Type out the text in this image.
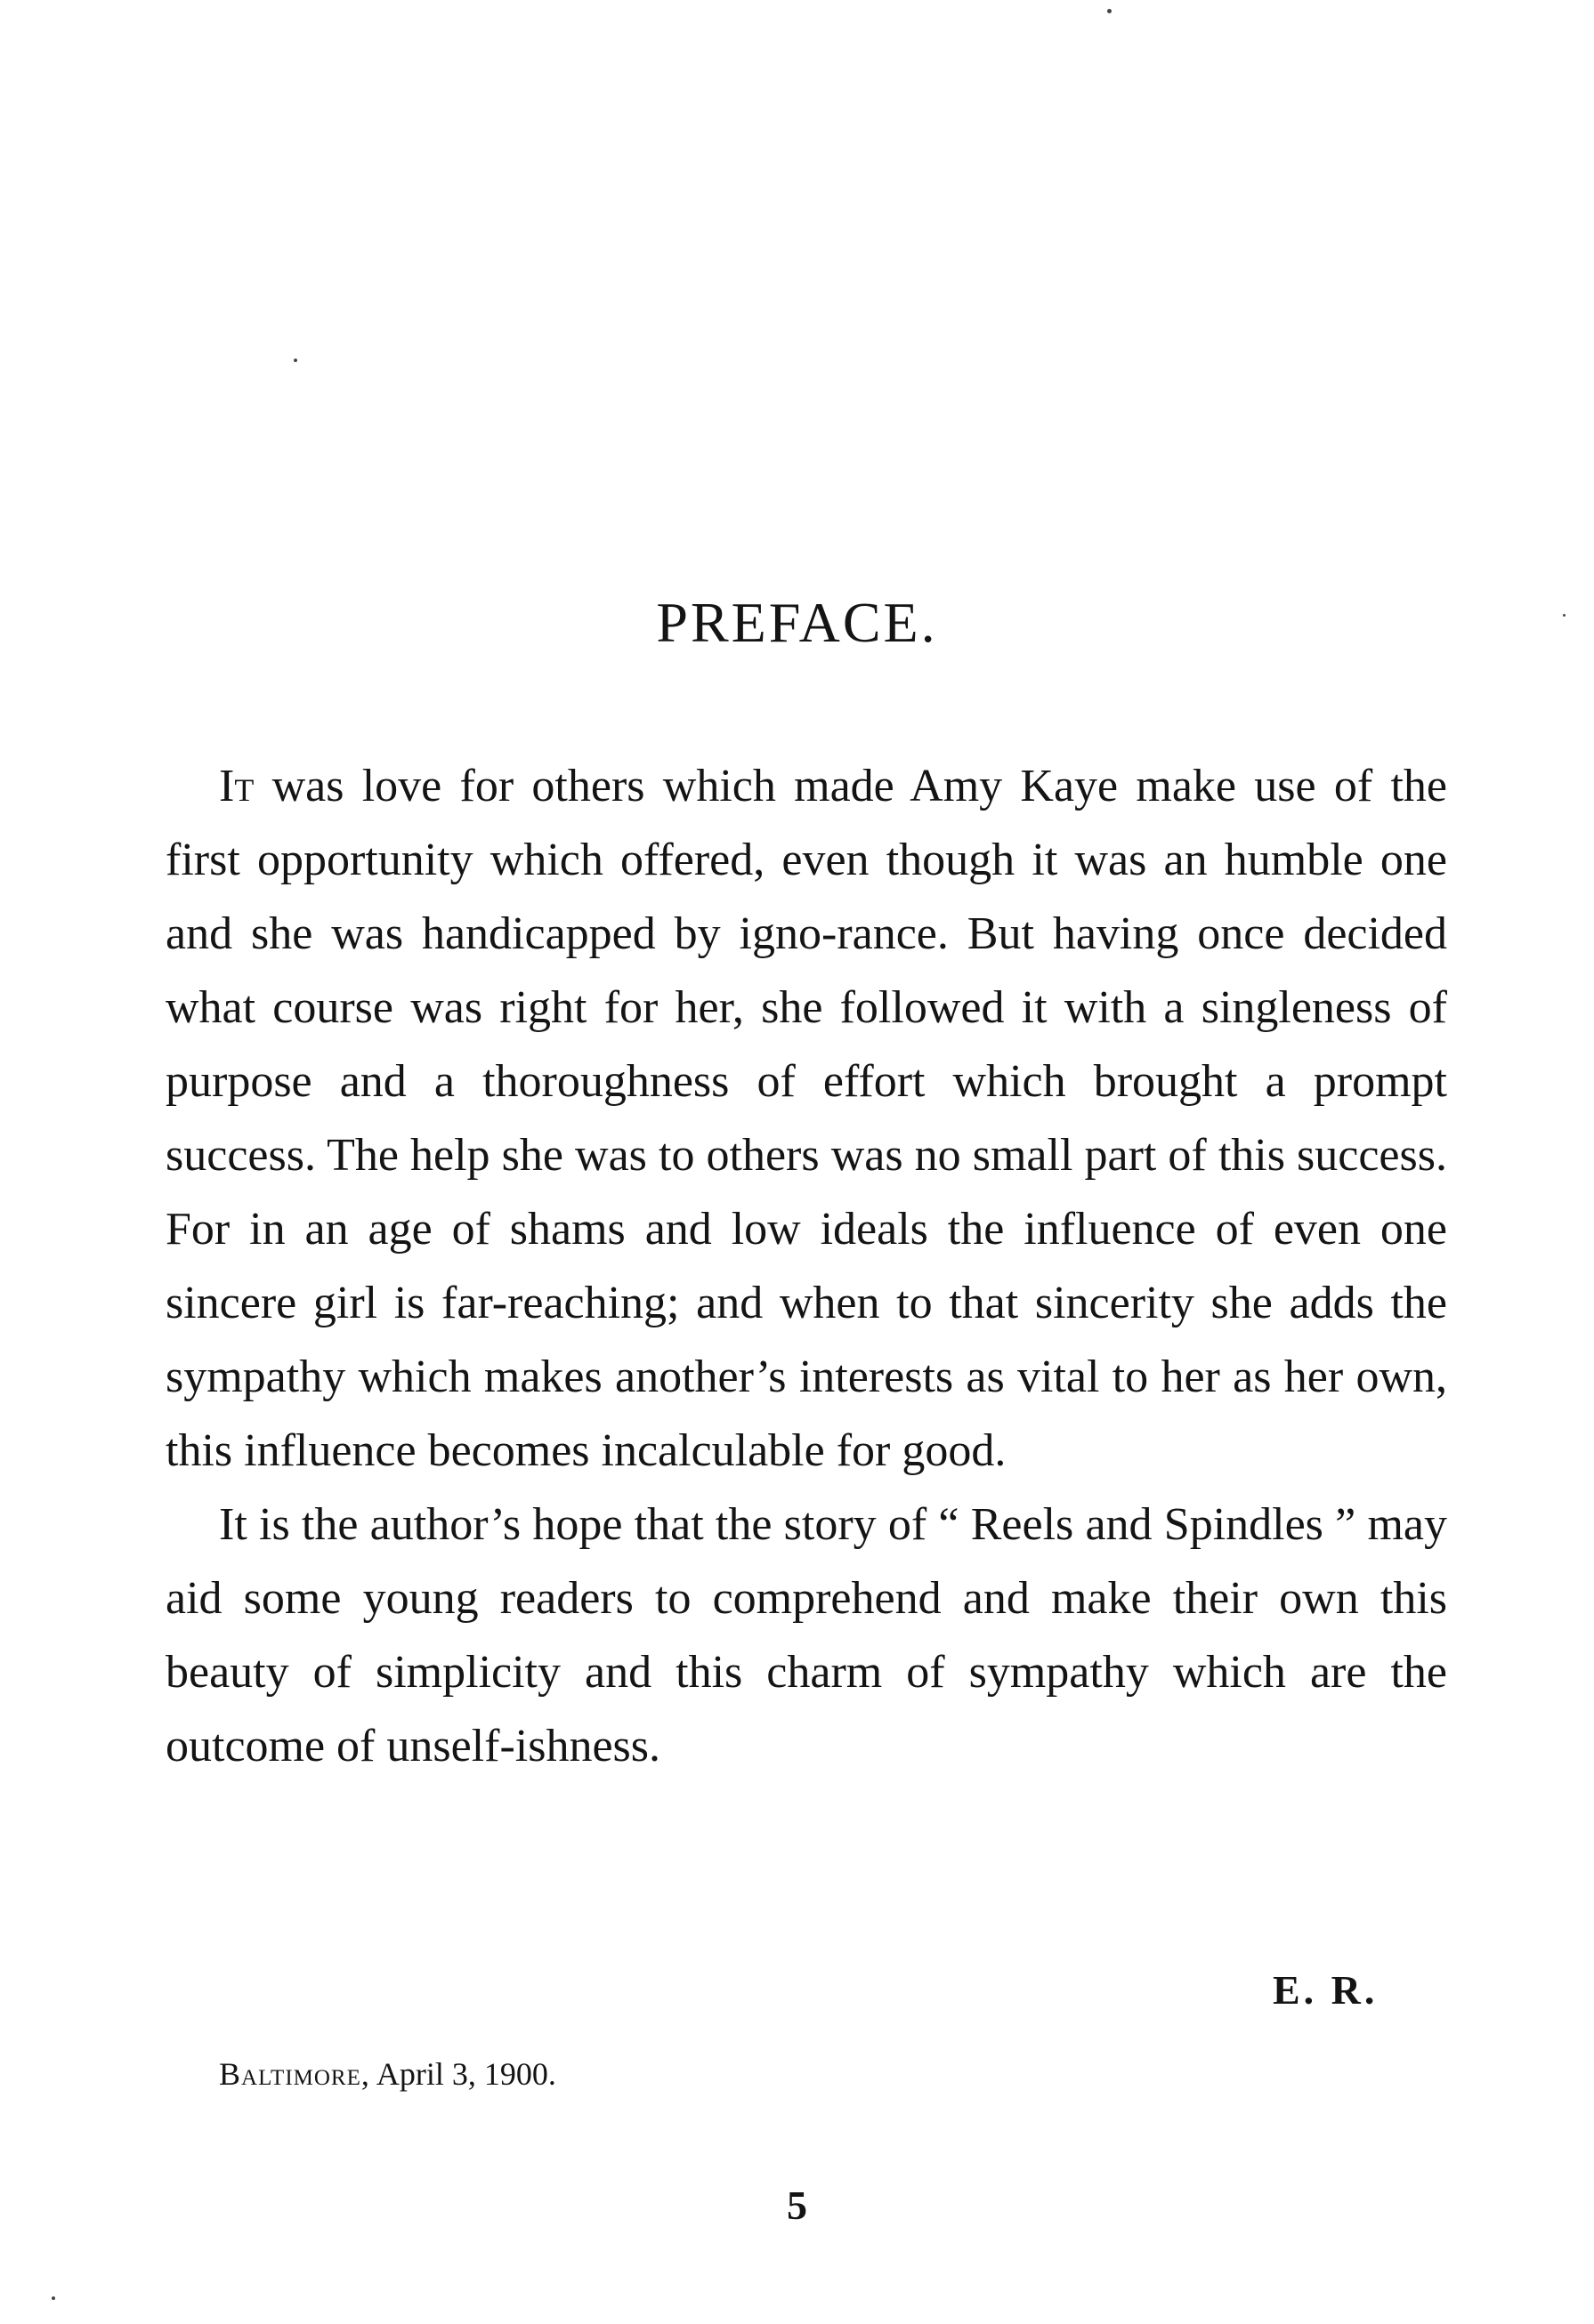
PREFACE.

It was love for others which made Amy Kaye make use of the first opportunity which offered, even though it was an humble one and she was handicapped by igno-rance. But having once decided what course was right for her, she followed it with a singleness of purpose and a thoroughness of effort which brought a prompt success. The help she was to others was no small part of this success. For in an age of shams and low ideals the influence of even one sincere girl is far-reaching; and when to that sincerity she adds the sympathy which makes another’s interests as vital to her as her own, this influence becomes incalculable for good.

It is the author’s hope that the story of “ Reels and Spindles ” may aid some young readers to comprehend and make their own this beauty of simplicity and this charm of sympathy which are the outcome of unself-ishness.

E. R.
Baltimore, April 3, 1900.
5
